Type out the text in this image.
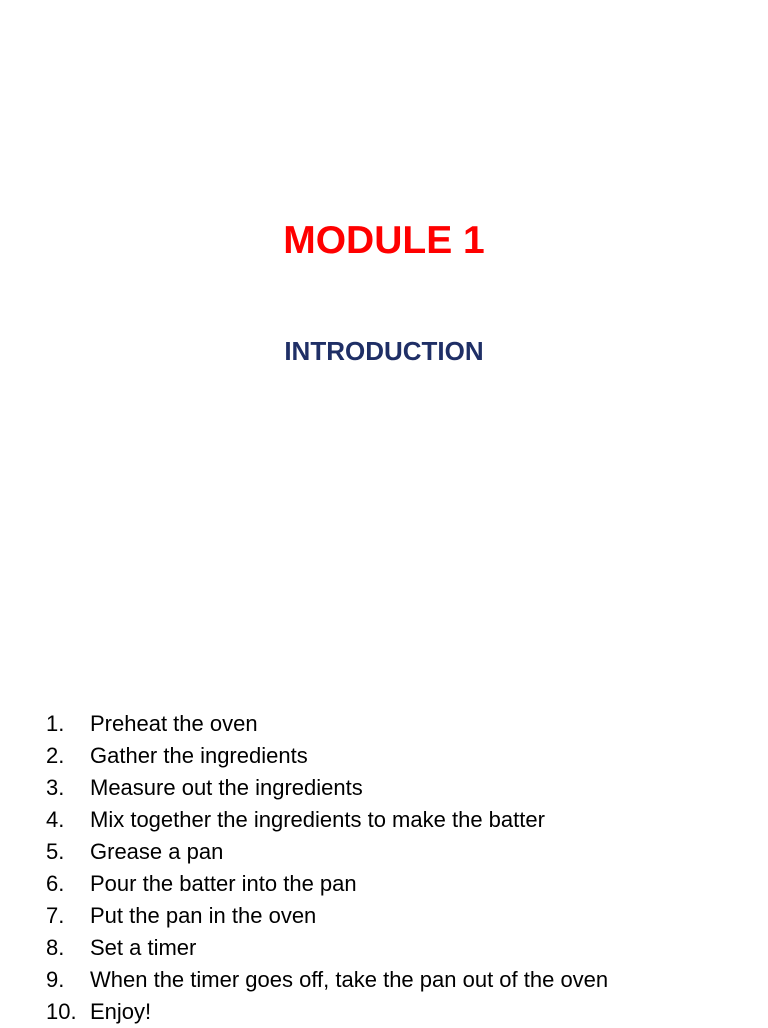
MODULE 1
INTRODUCTION
1. Preheat the oven
2. Gather the ingredients
3. Measure out the ingredients
4. Mix together the ingredients to make the batter
5. Grease a pan
6. Pour the batter into the pan
7. Put the pan in the oven
8. Set a timer
9. When the timer goes off, take the pan out of the oven
10. Enjoy!
